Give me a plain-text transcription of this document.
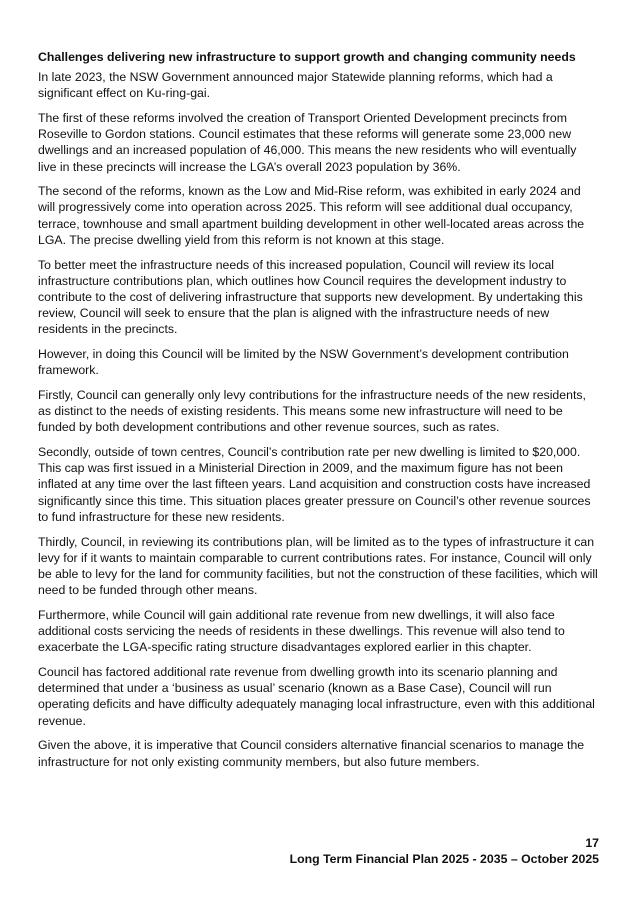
Challenges delivering new infrastructure to support growth and changing community needs

In late 2023, the NSW Government announced major Statewide planning reforms, which had a significant effect on Ku-ring-gai.

The first of these reforms involved the creation of Transport Oriented Development precincts from Roseville to Gordon stations. Council estimates that these reforms will generate some 23,000 new dwellings and an increased population of 46,000. This means the new residents who will eventually live in these precincts will increase the LGA’s overall 2023 population by 36%.

The second of the reforms, known as the Low and Mid-Rise reform, was exhibited in early 2024 and will progressively come into operation across 2025. This reform will see additional dual occupancy, terrace, townhouse and small apartment building development in other well-located areas across the LGA. The precise dwelling yield from this reform is not known at this stage.

To better meet the infrastructure needs of this increased population, Council will review its local infrastructure contributions plan, which outlines how Council requires the development industry to contribute to the cost of delivering infrastructure that supports new development. By undertaking this review, Council will seek to ensure that the plan is aligned with the infrastructure needs of new residents in the precincts.

However, in doing this Council will be limited by the NSW Government’s development contribution framework.

Firstly, Council can generally only levy contributions for the infrastructure needs of the new residents, as distinct to the needs of existing residents. This means some new infrastructure will need to be funded by both development contributions and other revenue sources, such as rates.

Secondly, outside of town centres, Council’s contribution rate per new dwelling is limited to $20,000. This cap was first issued in a Ministerial Direction in 2009, and the maximum figure has not been inflated at any time over the last fifteen years. Land acquisition and construction costs have increased significantly since this time. This situation places greater pressure on Council’s other revenue sources to fund infrastructure for these new residents.

Thirdly, Council, in reviewing its contributions plan, will be limited as to the types of infrastructure it can levy for if it wants to maintain comparable to current contributions rates. For instance, Council will only be able to levy for the land for community facilities, but not the construction of these facilities, which will need to be funded through other means.

Furthermore, while Council will gain additional rate revenue from new dwellings, it will also face additional costs servicing the needs of residents in these dwellings. This revenue will also tend to exacerbate the LGA-specific rating structure disadvantages explored earlier in this chapter.

Council has factored additional rate revenue from dwelling growth into its scenario planning and determined that under a ‘business as usual’ scenario (known as a Base Case), Council will run operating deficits and have difficulty adequately managing local infrastructure, even with this additional revenue.

Given the above, it is imperative that Council considers alternative financial scenarios to manage the infrastructure for not only existing community members, but also future members.

17
Long Term Financial Plan 2025 - 2035 – October 2025
